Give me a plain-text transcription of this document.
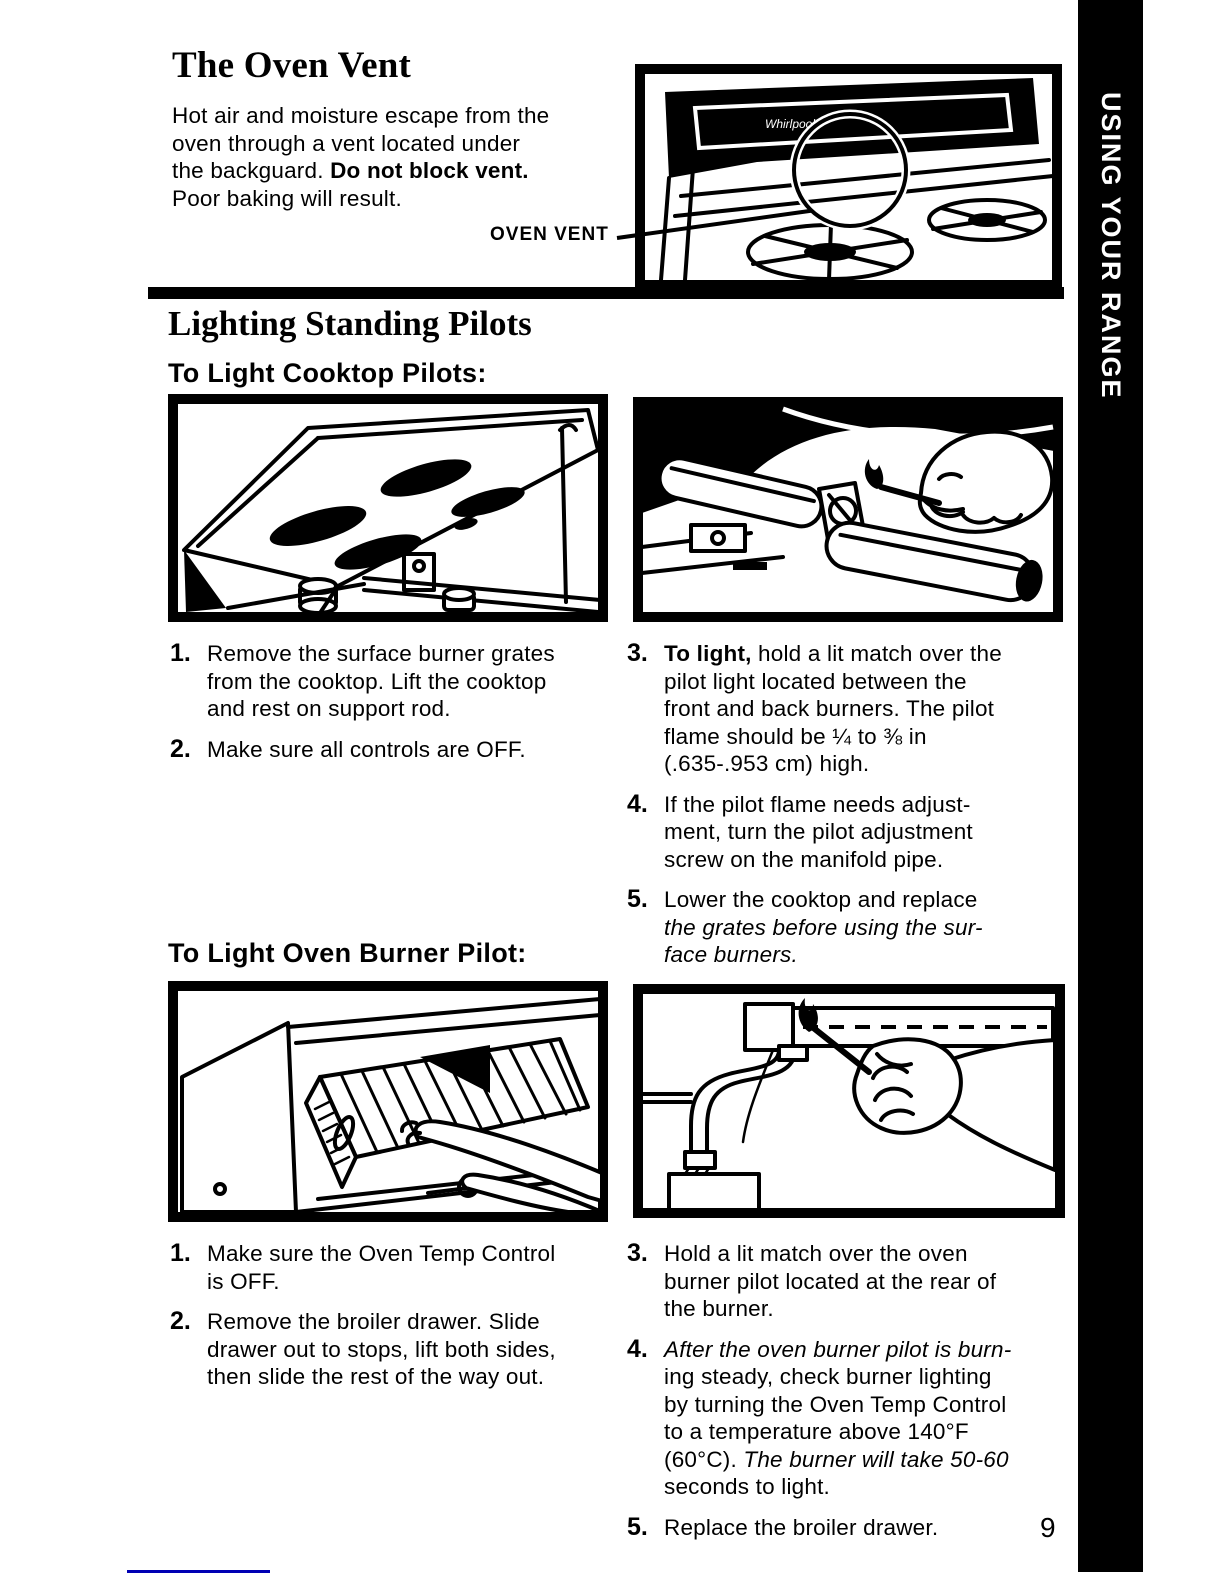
USING YOUR RANGE
The Oven Vent
Hot air and moisture escape from the
oven through a vent located under
the backguard. Do not block vent.
Poor baking will result.
OVEN VENT
Whirlpool
Lighting Standing Pilots
To Light Cooktop Pilots:
1. Remove the surface burner grates
from the cooktop. Lift the cooktop
and rest on support rod.
2. Make sure all controls are OFF.
3. To light, hold a lit match over the
pilot light located between the
front and back burners. The pilot
flame should be ¼ to ⅜ in
(.635-.953 cm) high.
4. If the pilot flame needs adjust-
ment, turn the pilot adjustment
screw on the manifold pipe.
5. Lower the cooktop and replace
the grates before using the sur-
face burners.
To Light Oven Burner Pilot:
1. Make sure the Oven Temp Control
is OFF.
2. Remove the broiler drawer. Slide
drawer out to stops, lift both sides,
then slide the rest of the way out.
3. Hold a lit match over the oven
burner pilot located at the rear of
the burner.
4. After the oven burner pilot is burn-
ing steady, check burner lighting
by turning the Oven Temp Control
to a temperature above 140°F
(60°C). The burner will take 50-60
seconds to light.
5. Replace the broiler drawer.	9
